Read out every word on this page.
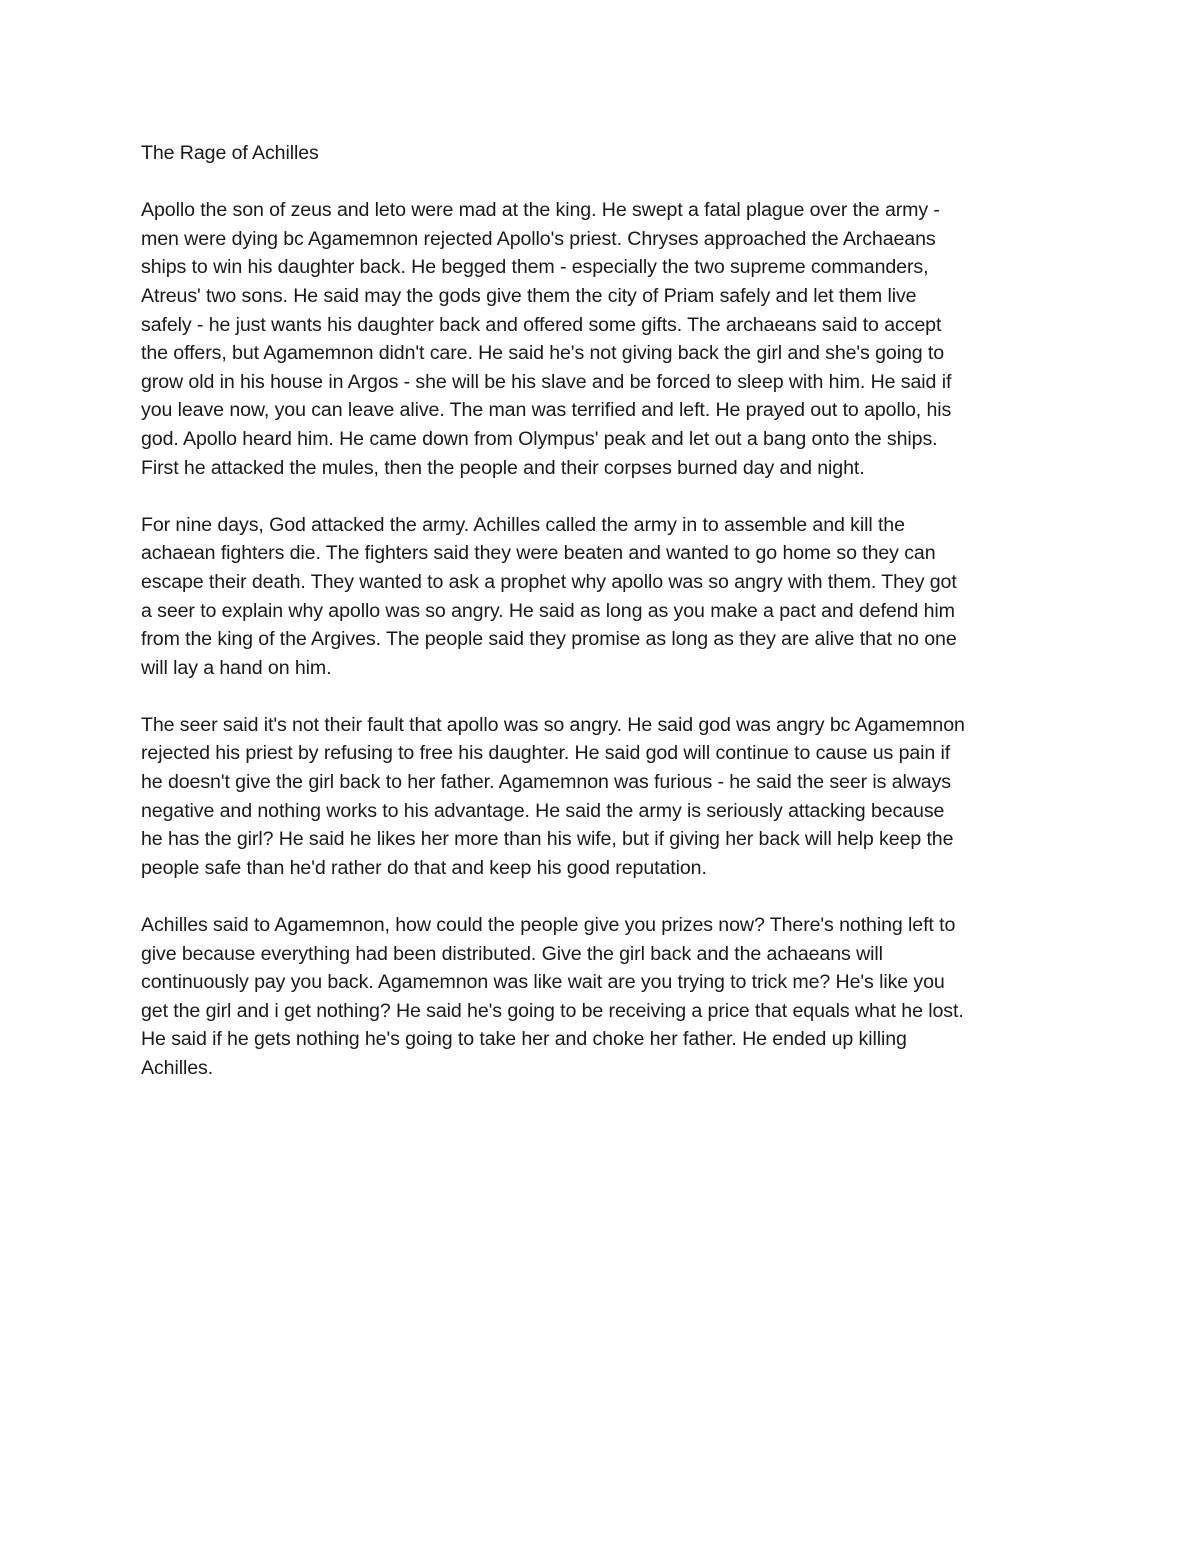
The Rage of Achilles
Apollo the son of zeus and leto were mad at the king. He swept a fatal plague over the army -
men were dying bc Agamemnon rejected Apollo's priest. Chryses approached the Archaeans
ships to win his daughter back. He begged them - especially the two supreme commanders,
Atreus' two sons. He said may the gods give them the city of Priam safely and let them live
safely - he just wants his daughter back and offered some gifts. The archaeans said to accept
the offers, but Agamemnon didn't care. He said he's not giving back the girl and she's going to
grow old in his house in Argos - she will be his slave and be forced to sleep with him. He said if
you leave now, you can leave alive. The man was terrified and left. He prayed out to apollo, his
god. Apollo heard him. He came down from Olympus' peak and let out a bang onto the ships.
First he attacked the mules, then the people and their corpses burned day and night.
For nine days, God attacked the army. Achilles called the army in to assemble and kill the
achaean fighters die. The fighters said they were beaten and wanted to go home so they can
escape their death. They wanted to ask a prophet why apollo was so angry with them. They got
a seer to explain why apollo was so angry. He said as long as you make a pact and defend him
from the king of the Argives. The people said they promise as long as they are alive that no one
will lay a hand on him.
The seer said it's not their fault that apollo was so angry. He said god was angry bc Agamemnon
rejected his priest by refusing to free his daughter. He said god will continue to cause us pain if
he doesn't give the girl back to her father. Agamemnon was furious - he said the seer is always
negative and nothing works to his advantage. He said the army is seriously attacking because
he has the girl? He said he likes her more than his wife, but if giving her back will help keep the
people safe than he'd rather do that and keep his good reputation.
Achilles said to Agamemnon, how could the people give you prizes now? There's nothing left to
give because everything had been distributed. Give the girl back and the achaeans will
continuously pay you back. Agamemnon was like wait are you trying to trick me? He's like you
get the girl and i get nothing? He said he's going to be receiving a price that equals what he lost.
He said if he gets nothing he's going to take her and choke her father. He ended up killing
Achilles.
